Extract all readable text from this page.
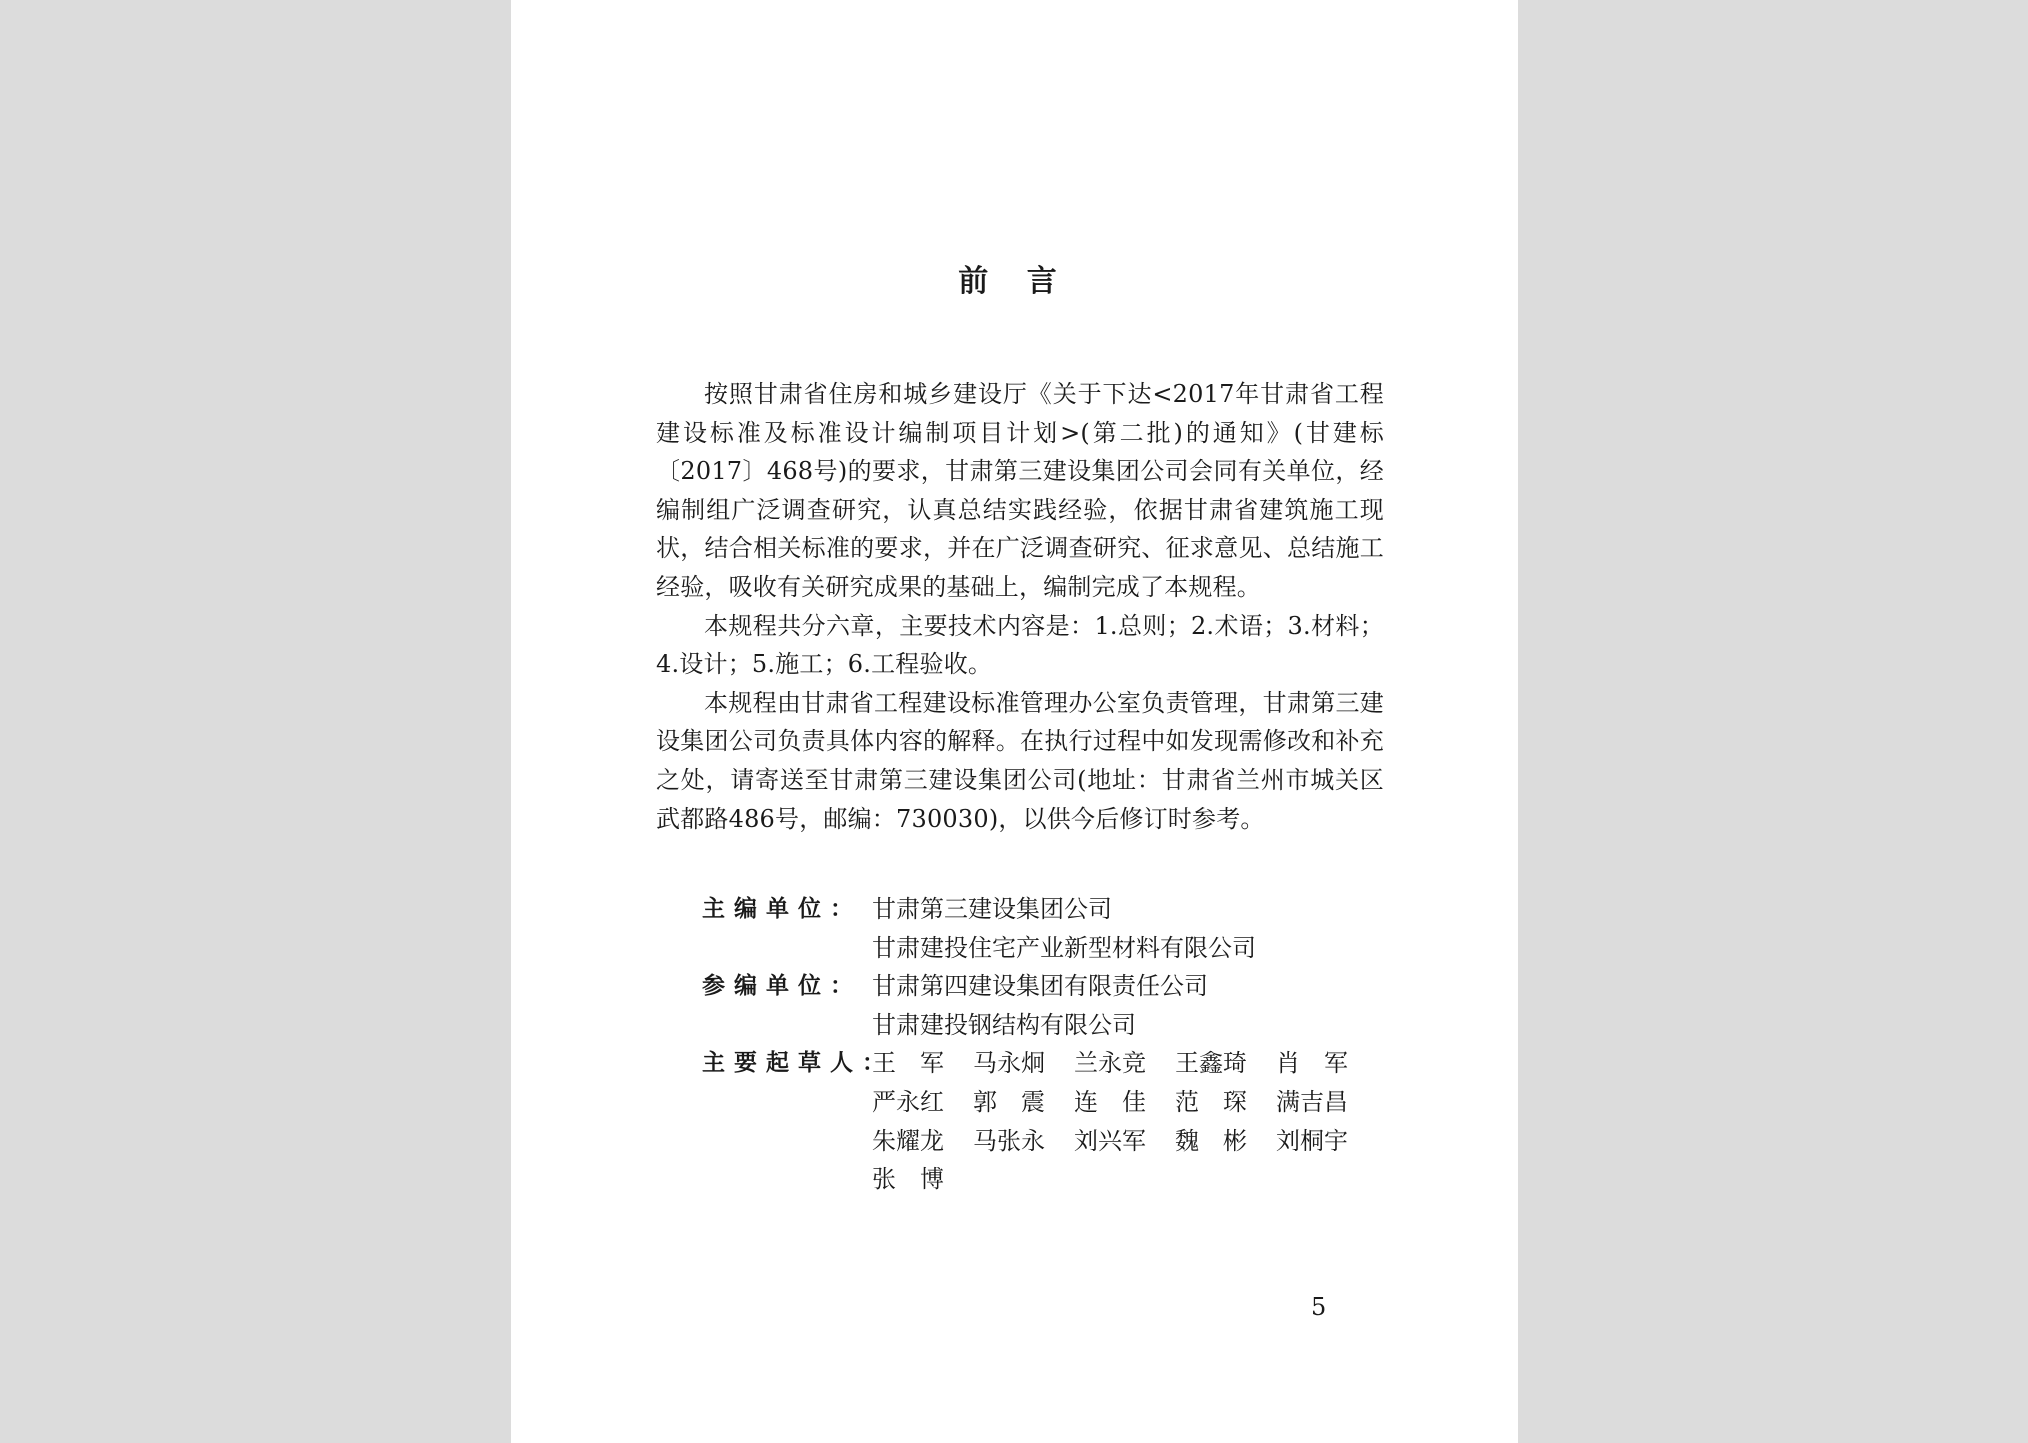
前 言

按照甘肃省住房和城乡建设厅《关于下达<2017年甘肃省工程建设标准及标准设计编制项目计划>(第二批)的通知》(甘建标〔2017〕468号)的要求，甘肃第三建设集团公司会同有关单位，经编制组广泛调查研究，认真总结实践经验，依据甘肃省建筑施工现状，结合相关标准的要求，并在广泛调查研究、征求意见、总结施工经验，吸收有关研究成果的基础上，编制完成了本规程。

本规程共分六章，主要技术内容是：1.总则；2.术语；3.材料；4.设计；5.施工；6.工程验收。

本规程由甘肃省工程建设标准管理办公室负责管理，甘肃第三建设集团公司负责具体内容的解释。在执行过程中如发现需修改和补充之处，请寄送至甘肃第三建设集团公司(地址：甘肃省兰州市城关区武都路486号，邮编：730030)，以供今后修订时参考。

主编单位： 甘肃第三建设集团公司
甘肃建投住宅产业新型材料有限公司
参编单位： 甘肃第四建设集团有限责任公司
甘肃建投钢结构有限公司
主要起草人：
王　军	马永炯	兰永竞	王鑫琦	肖　军
严永红	郭　震	连　佳	范　琛	满吉昌
朱耀龙	马张永	刘兴军	魏　彬	刘桐宇
张　博
5
